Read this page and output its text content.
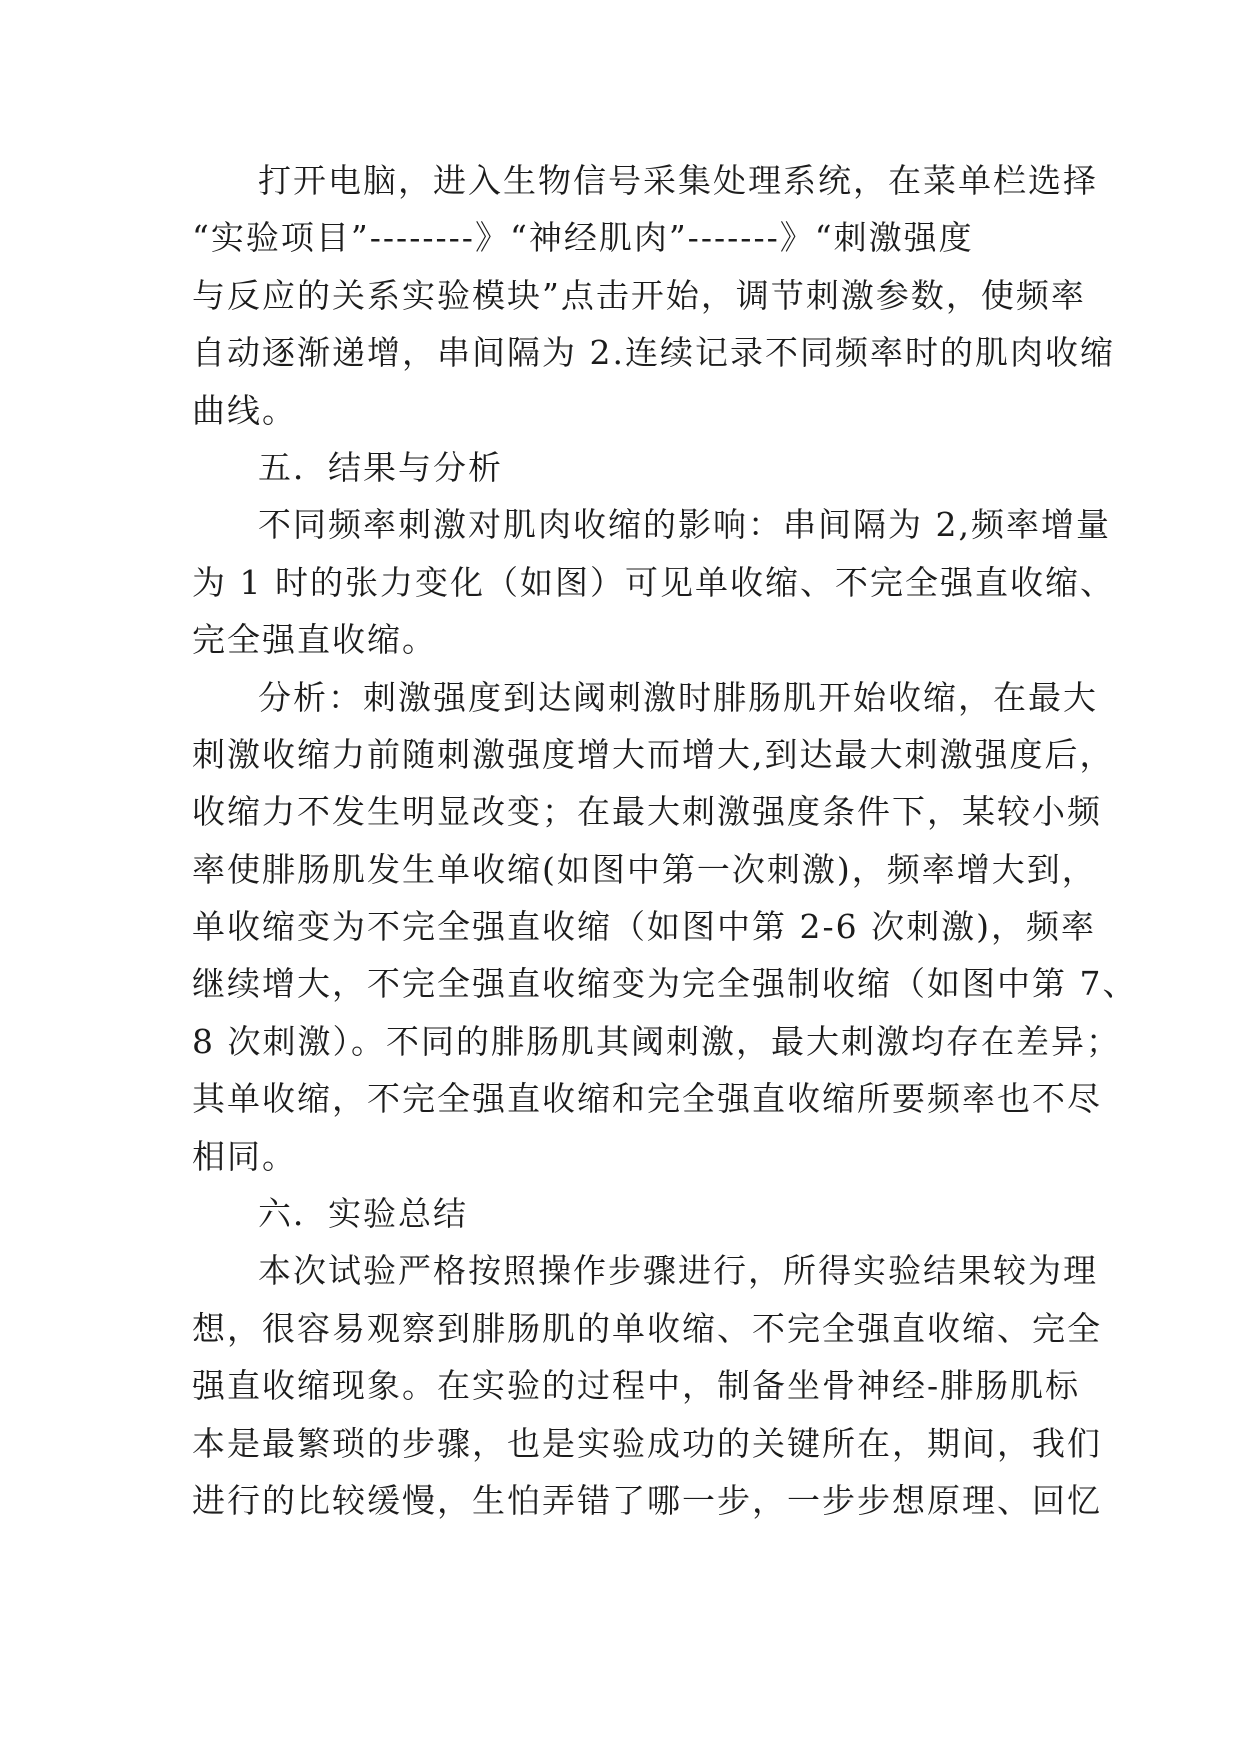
打开电脑，进入生物信号采集处理系统，在菜单栏选择
“实验项目”--------》“神经肌肉”-------》“刺激强度
与反应的关系实验模块”点击开始，调节刺激参数，使频率
自动逐渐递增，串间隔为 2.连续记录不同频率时的肌肉收缩
曲线。
五．结果与分析
不同频率刺激对肌肉收缩的影响：串间隔为 2,频率增量
为 1 时的张力变化（如图）可见单收缩、不完全强直收缩、
完全强直收缩。
分析：刺激强度到达阈刺激时腓肠肌开始收缩，在最大
刺激收缩力前随刺激强度增大而增大,到达最大刺激强度后，
收缩力不发生明显改变；在最大刺激强度条件下，某较小频
率使腓肠肌发生单收缩(如图中第一次刺激)，频率增大到，
单收缩变为不完全强直收缩（如图中第 2-6 次刺激)，频率
继续增大，不完全强直收缩变为完全强制收缩（如图中第 7、
8 次刺激）。不同的腓肠肌其阈刺激，最大刺激均存在差异；
其单收缩，不完全强直收缩和完全强直收缩所要频率也不尽
相同。
六．实验总结
本次试验严格按照操作步骤进行，所得实验结果较为理
想，很容易观察到腓肠肌的单收缩、不完全强直收缩、完全
强直收缩现象。在实验的过程中，制备坐骨神经-腓肠肌标
本是最繁琐的步骤，也是实验成功的关键所在，期间，我们
进行的比较缓慢，生怕弄错了哪一步，一步步想原理、回忆
